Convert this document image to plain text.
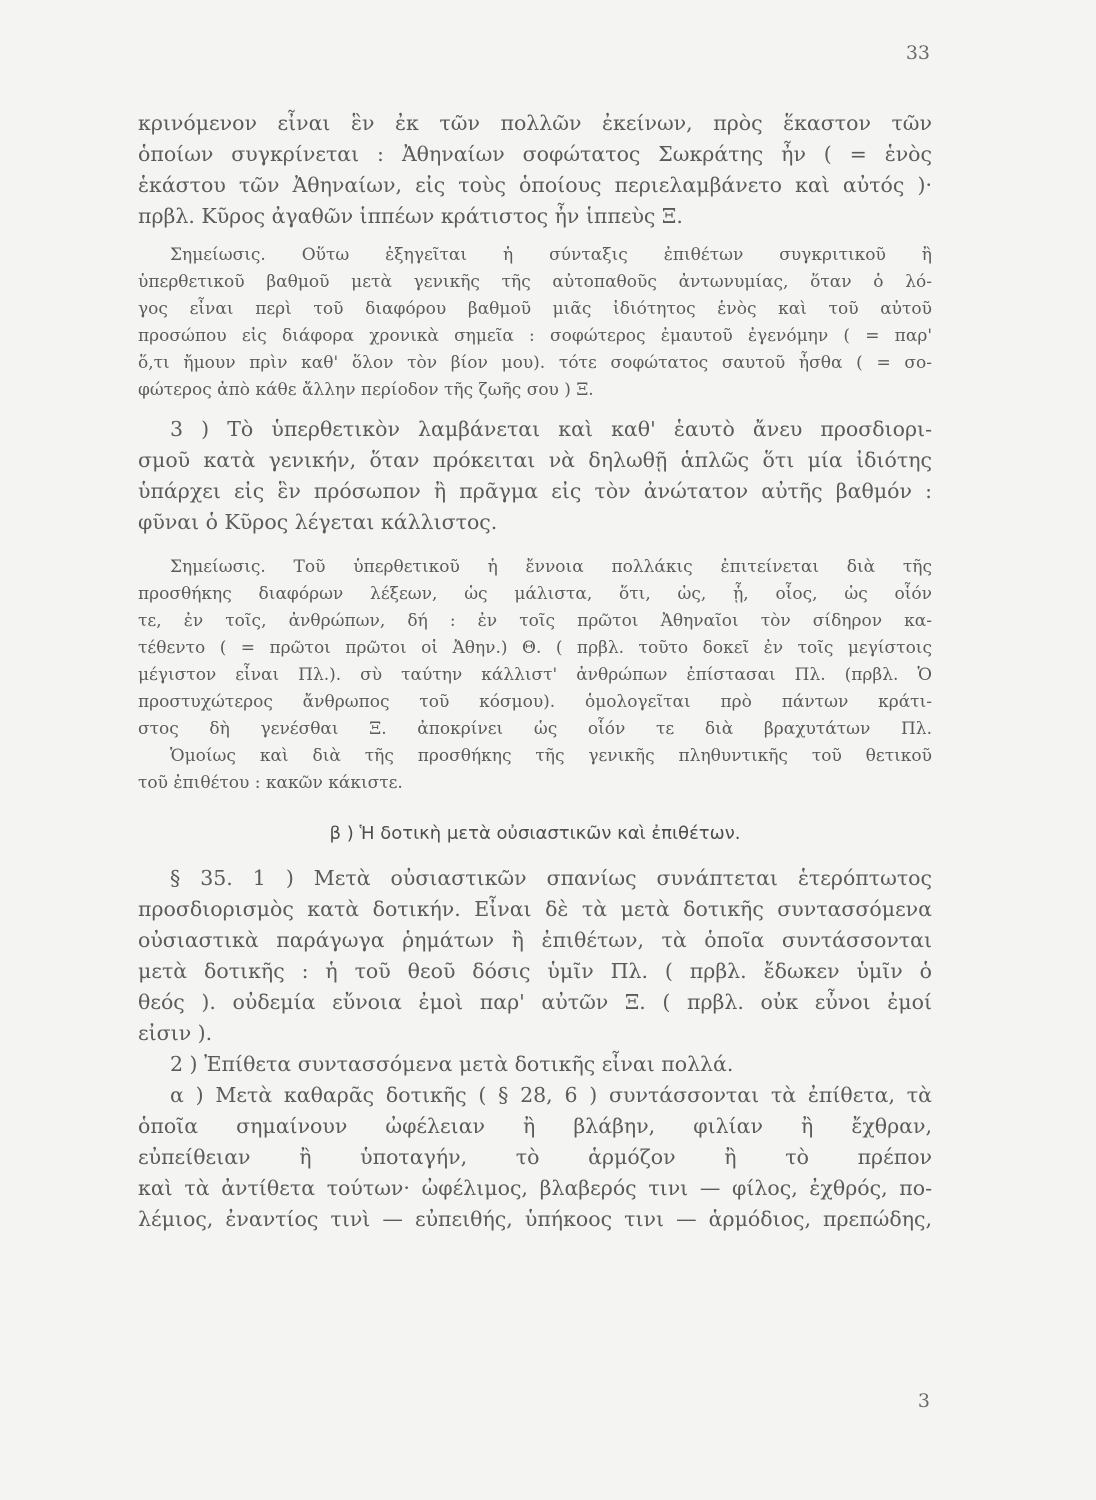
33
κρινόμενον εἶναι ἓν ἐκ τῶν πολλῶν ἐκείνων, πρὸς ἕκαστον τῶν
ὁποίων συγκρίνεται : Ἀθηναίων σοφώτατος Σωκράτης ἦν ( = ἑνὸς
ἑκάστου τῶν Ἀθηναίων, εἰς τοὺς ὁποίους περιελαμβάνετο καὶ αὐτός )·
πρβλ. Κῦρος ἀγαθῶν ἱππέων κράτιστος ἦν ἱππεὺς Ξ.
Σημείωσις. Οὕτω ἐξηγεῖται ἡ σύνταξις ἐπιθέτων συγκριτικοῦ ἢ
ὑπερθετικοῦ βαθμοῦ μετὰ γενικῆς τῆς αὐτοπαθοῦς ἀντωνυμίας, ὅταν ὁ λό-
γος εἶναι περὶ τοῦ διαφόρου βαθμοῦ μιᾶς ἰδιότητος ἑνὸς καὶ τοῦ αὐτοῦ
προσώπου εἰς διάφορα χρονικὰ σημεῖα : σοφώτερος ἐμαυτοῦ ἐγενόμην ( = παρ'
ὅ,τι ἤμουν πρὶν καθ' ὅλον τὸν βίον μου). τότε σοφώτατος σαυτοῦ ἦσθα ( = σο-
φώτερος ἀπὸ κάθε ἄλλην περίοδον τῆς ζωῆς σου ) Ξ.
3 ) Τὸ ὑπερθετικὸν λαμβάνεται καὶ καθ' ἑαυτὸ ἄνευ προσδιορι-
σμοῦ κατὰ γενικήν, ὅταν πρόκειται νὰ δηλωθῇ ἁπλῶς ὅτι μία ἰδιότης
ὑπάρχει εἰς ἓν πρόσωπον ἢ πρᾶγμα εἰς τὸν ἀνώτατον αὐτῆς βαθμόν :
φῦναι ὁ Κῦρος λέγεται κάλλιστος.
Σημείωσις. Τοῦ ὑπερθετικοῦ ἡ ἔννοια πολλάκις ἐπιτείνεται διὰ τῆς
προσθήκης διαφόρων λέξεων, ὡς μάλιστα, ὅτι, ὡς, ᾗ, οἷος, ὡς οἷόν
τε, ἐν τοῖς, ἀνθρώπων, δή : ἐν τοῖς πρῶτοι Ἀθηναῖοι τὸν σίδηρον κα-
τέθεντο ( = πρῶτοι πρῶτοι οἱ Ἀθην.) Θ. ( πρβλ. τοῦτο δοκεῖ ἐν τοῖς μεγίστοις
μέγιστον εἶναι Πλ.). σὺ ταύτην κάλλιστ' ἀνθρώπων ἐπίστασαι Πλ. (πρβλ. Ὁ
προστυχώτερος ἄνθρωπος τοῦ κόσμου). ὁμολογεῖται πρὸ πάντων κράτι-
στος δὴ γενέσθαι Ξ. ἀποκρίνει ὡς οἷόν τε διὰ βραχυτάτων Πλ.
Ὁμοίως καὶ διὰ τῆς προσθήκης τῆς γενικῆς πληθυντικῆς τοῦ θετικοῦ
τοῦ ἐπιθέτου : κακῶν κάκιστε.
β ) Ἡ δοτικὴ μετὰ οὐσιαστικῶν καὶ ἐπιθέτων.
§ 35. 1 ) Μετὰ οὐσιαστικῶν σπανίως συνάπτεται ἑτερόπτωτος
προσδιορισμὸς κατὰ δοτικήν. Εἶναι δὲ τὰ μετὰ δοτικῆς συντασσόμενα
οὐσιαστικὰ παράγωγα ῥημάτων ἢ ἐπιθέτων, τὰ ὁποῖα συντάσσονται
μετὰ δοτικῆς : ἡ τοῦ θεοῦ δόσις ὑμῖν Πλ. ( πρβλ. ἔδωκεν ὑμῖν ὁ
θεός ). οὐδεμία εὔνοια ἐμοὶ παρ' αὐτῶν Ξ. ( πρβλ. οὐκ εὖνοι ἐμοί
εἰσιν ).
2 ) Ἐπίθετα συντασσόμενα μετὰ δοτικῆς εἶναι πολλά.
α ) Μετὰ καθαρᾶς δοτικῆς ( § 28, 6 ) συντάσσονται τὰ ἐπίθετα, τὰ
ὁποῖα σημαίνουν ὠφέλειαν ἢ βλάβην, φιλίαν ἢ ἔχθραν,
εὐπείθειαν ἢ ὑποταγήν, τὸ ἁρμόζον ἢ τὸ πρέπον
καὶ τὰ ἀντίθετα τούτων· ὠφέλιμος, βλαβερός τινι — φίλος, ἐχθρός, πο-
λέμιος, ἐναντίος τινὶ — εὐπειθής, ὑπήκοος τινι — ἁρμόδιος, πρεπώδης,
3
